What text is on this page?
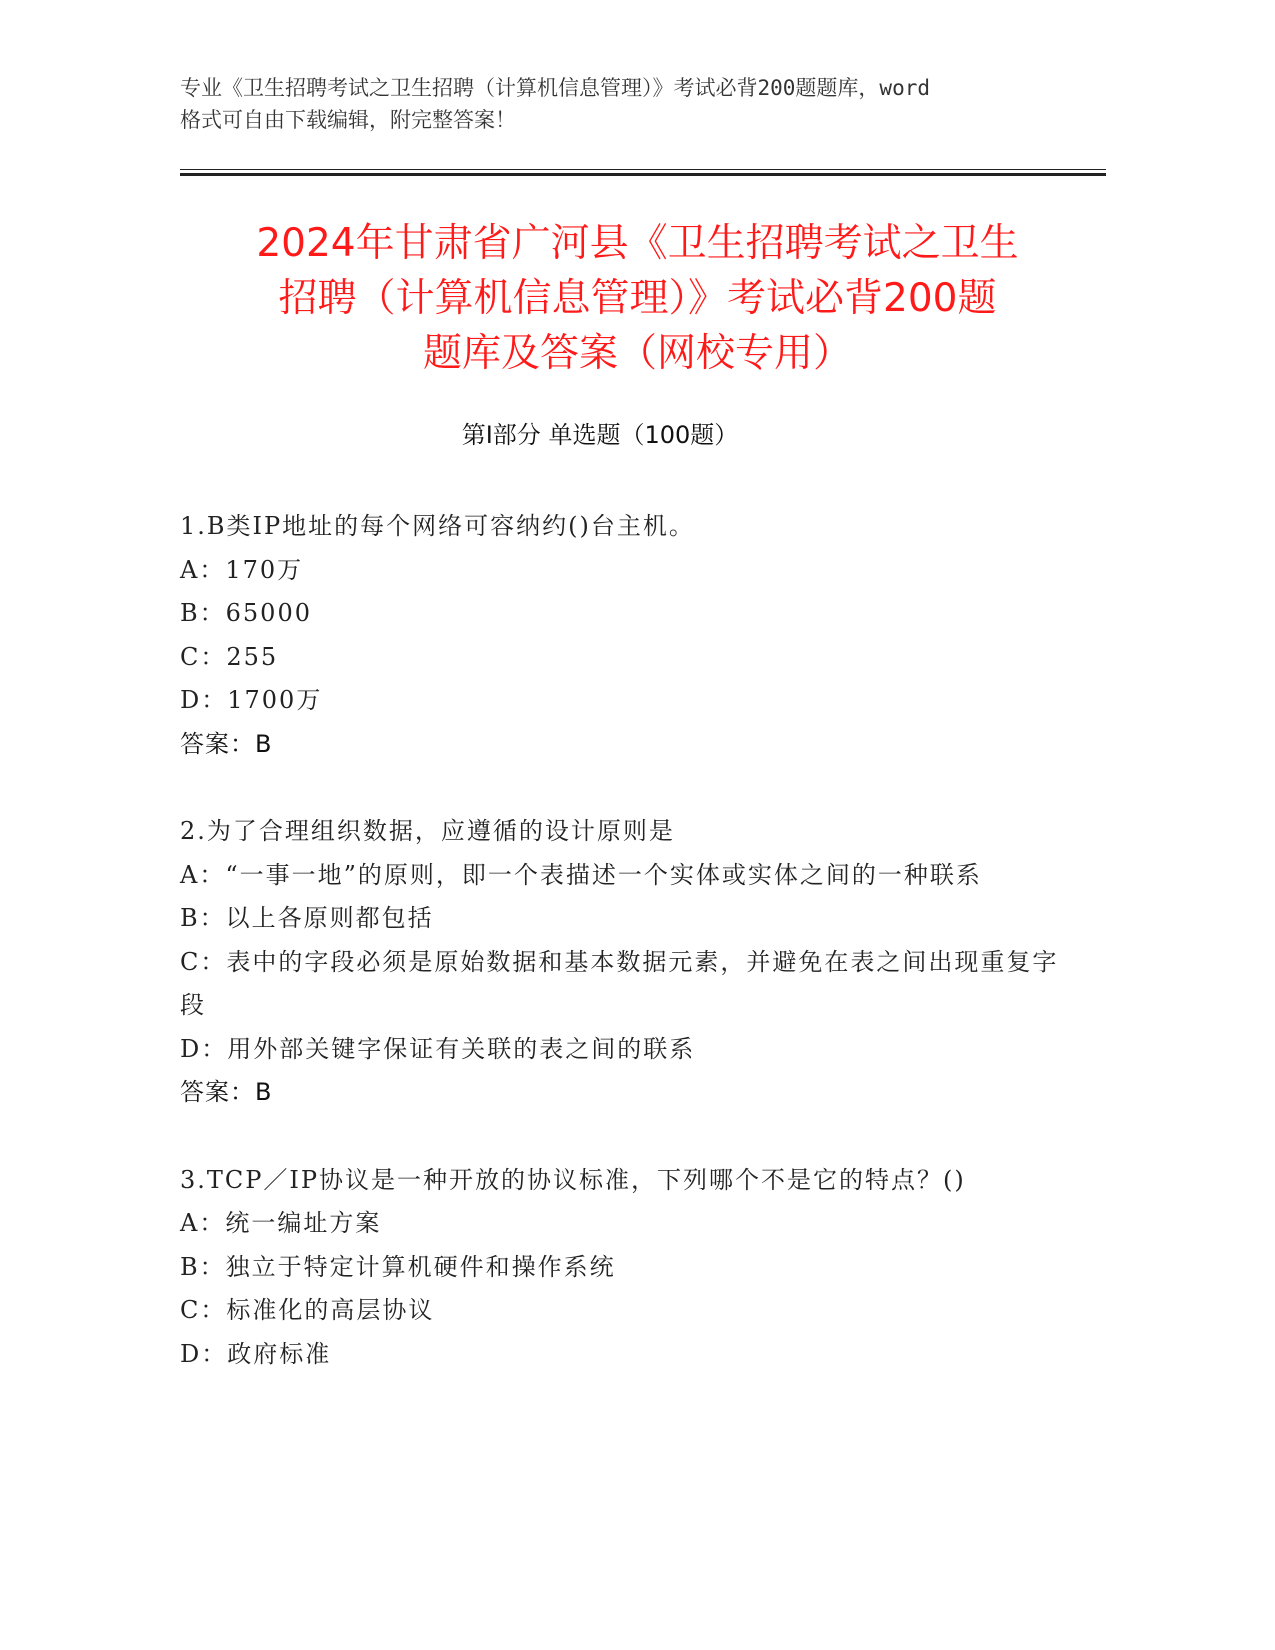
专业《卫生招聘考试之卫生招聘（计算机信息管理）》考试必背200题题库，word
格式可自由下载编辑，附完整答案！
2024年甘肃省广河县《卫生招聘考试之卫生
招聘（计算机信息管理）》考试必背200题
题库及答案（网校专用）
第Ⅰ部分 单选题（100题）
1.B类IP地址的每个网络可容纳约()台主机。
A：170万
B：65000
C：255
D：1700万
答案：B
2.为了合理组织数据，应遵循的设计原则是
A：“一事一地”的原则，即一个表描述一个实体或实体之间的一种联系
B：以上各原则都包括
C：表中的字段必须是原始数据和基本数据元素，并避免在表之间出现重复字段
D：用外部关键字保证有关联的表之间的联系
答案：B
3.TCP／IP协议是一种开放的协议标准，下列哪个不是它的特点？()
A：统一编址方案
B：独立于特定计算机硬件和操作系统
C：标准化的高层协议
D：政府标准
